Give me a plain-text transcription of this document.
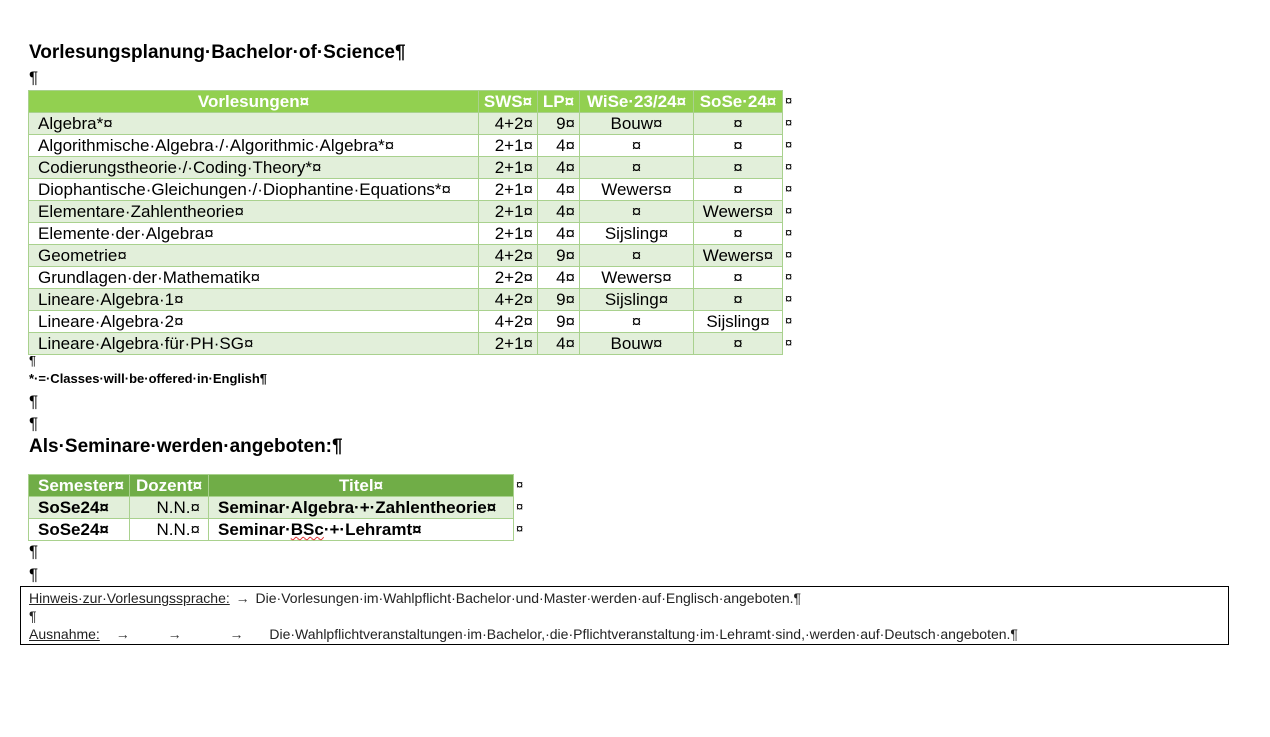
Vorlesungsplanung·Bachelor·of·Science¶
¶
Vorlesungen¤	SWS¤	LP¤	WiSe·23/24¤	SoSe·24¤
Algebra*¤	4+2¤	9¤	Bouw¤	¤
Algorithmische·Algebra·/·Algorithmic·Algebra*¤	2+1¤	4¤	¤	¤
Codierungstheorie·/·Coding·Theory*¤	2+1¤	4¤	¤	¤
Diophantische·Gleichungen·/·Diophantine·Equations*¤	2+1¤	4¤	Wewers¤	¤
Elementare·Zahlentheorie¤	2+1¤	4¤	¤	Wewers¤
Elemente·der·Algebra¤	2+1¤	4¤	Sijsling¤	¤
Geometrie¤	4+2¤	9¤	¤	Wewers¤
Grundlagen·der·Mathematik¤	2+2¤	4¤	Wewers¤	¤
Lineare·Algebra·1¤	4+2¤	9¤	Sijsling¤	¤
Lineare·Algebra·2¤	4+2¤	9¤	¤	Sijsling¤
Lineare·Algebra·für·PH·SG¤	2+1¤	4¤	Bouw¤	¤
¤
¤
¤
¤
¤
¤
¤
¤
¤
¤
¤
¤
¶
*·=·Classes·will·be·offered·in·English¶
¶
¶
Als·Seminare·werden·angeboten:¶
Semester¤	Dozent¤	Titel¤
SoSe24¤	N.N.¤	Seminar·Algebra·+·Zahlentheorie¤
SoSe24¤	N.N.¤	Seminar·BSc·+·Lehramt¤
¤
¤
¤
¶
¶
Hinweis·zur·Vorlesungssprache: → Die·Vorlesungen·im·Wahlpflicht·Bachelor·und·Master·werden·auf·Englisch·angeboten.¶
¶
Ausnahme: →	→	→ Die·Wahlpflichtveranstaltungen·im·Bachelor,·die·Pflichtveranstaltung·im·Lehramt·sind,·werden·auf·Deutsch·angeboten.¶
